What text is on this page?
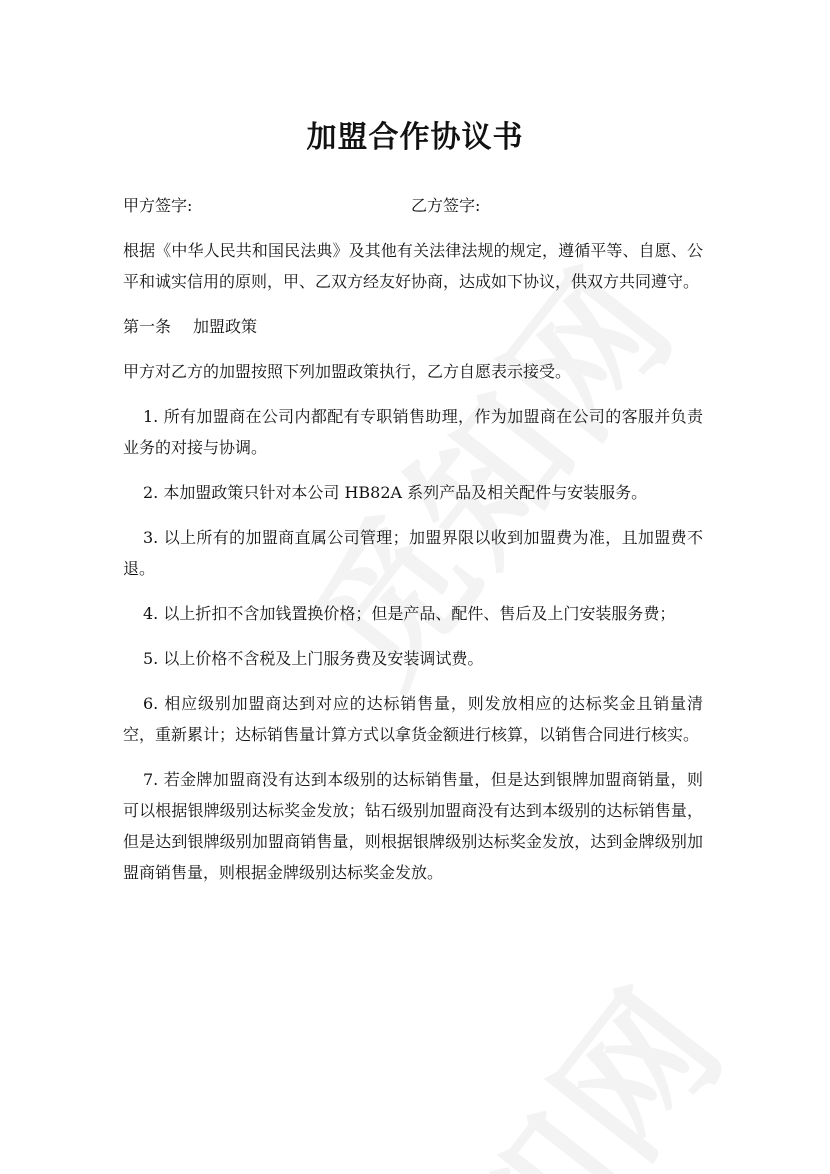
加盟合作协议书
甲方签字:	乙方签字:

根据《中华人民共和国民法典》及其他有关法律法规的规定，遵循平等、自愿、公平和诚实信用的原则，甲、乙双方经友好协商，达成如下协议，供双方共同遵守。

第一条 加盟政策

甲方对乙方的加盟按照下列加盟政策执行，乙方自愿表示接受。

1. 所有加盟商在公司内都配有专职销售助理，作为加盟商在公司的客服并负责业务的对接与协调。

2. 本加盟政策只针对本公司 HB82A 系列产品及相关配件与安装服务。

3. 以上所有的加盟商直属公司管理；加盟界限以收到加盟费为准，且加盟费不退。

4. 以上折扣不含加钱置换价格；但是产品、配件、售后及上门安装服务费；

5. 以上价格不含税及上门服务费及安装调试费。

6. 相应级别加盟商达到对应的达标销售量，则发放相应的达标奖金且销量清空，重新累计；达标销售量计算方式以拿货金额进行核算，以销售合同进行核实。

7. 若金牌加盟商没有达到本级别的达标销售量，但是达到银牌加盟商销量，则可以根据银牌级别达标奖金发放；钻石级别加盟商没有达到本级别的达标销售量，但是达到银牌级别加盟商销售量，则根据银牌级别达标奖金发放，达到金牌级别加盟商销售量，则根据金牌级别达标奖金发放。
